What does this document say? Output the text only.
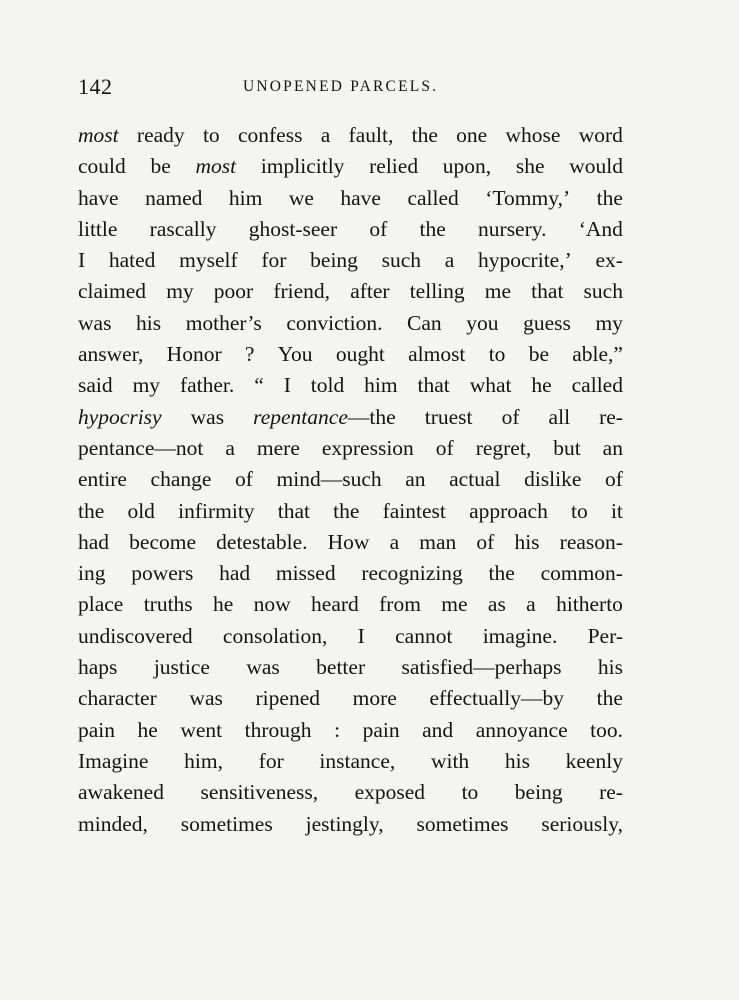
142	UNOPENED PARCELS.
most ready to confess a fault, the one whose word
could be most implicitly relied upon, she would
have named him we have called ‘Tommy,’ the
little rascally ghost-seer of the nursery. ‘And
I hated myself for being such a hypocrite,’ ex-
claimed my poor friend, after telling me that such
was his mother’s conviction. Can you guess my
answer, Honor ? You ought almost to be able,”
said my father. “ I told him that what he called
hypocrisy was repentance—the truest of all re-
pentance—not a mere expression of regret, but an
entire change of mind—such an actual dislike of
the old infirmity that the faintest approach to it
had become detestable. How a man of his reason-
ing powers had missed recognizing the common-
place truths he now heard from me as a hitherto
undiscovered consolation, I cannot imagine. Per-
haps justice was better satisfied—perhaps his
character was ripened more effectually—by the
pain he went through : pain and annoyance too.
Imagine him, for instance, with his keenly
awakened sensitiveness, exposed to being re-
minded, sometimes jestingly, sometimes seriously,
